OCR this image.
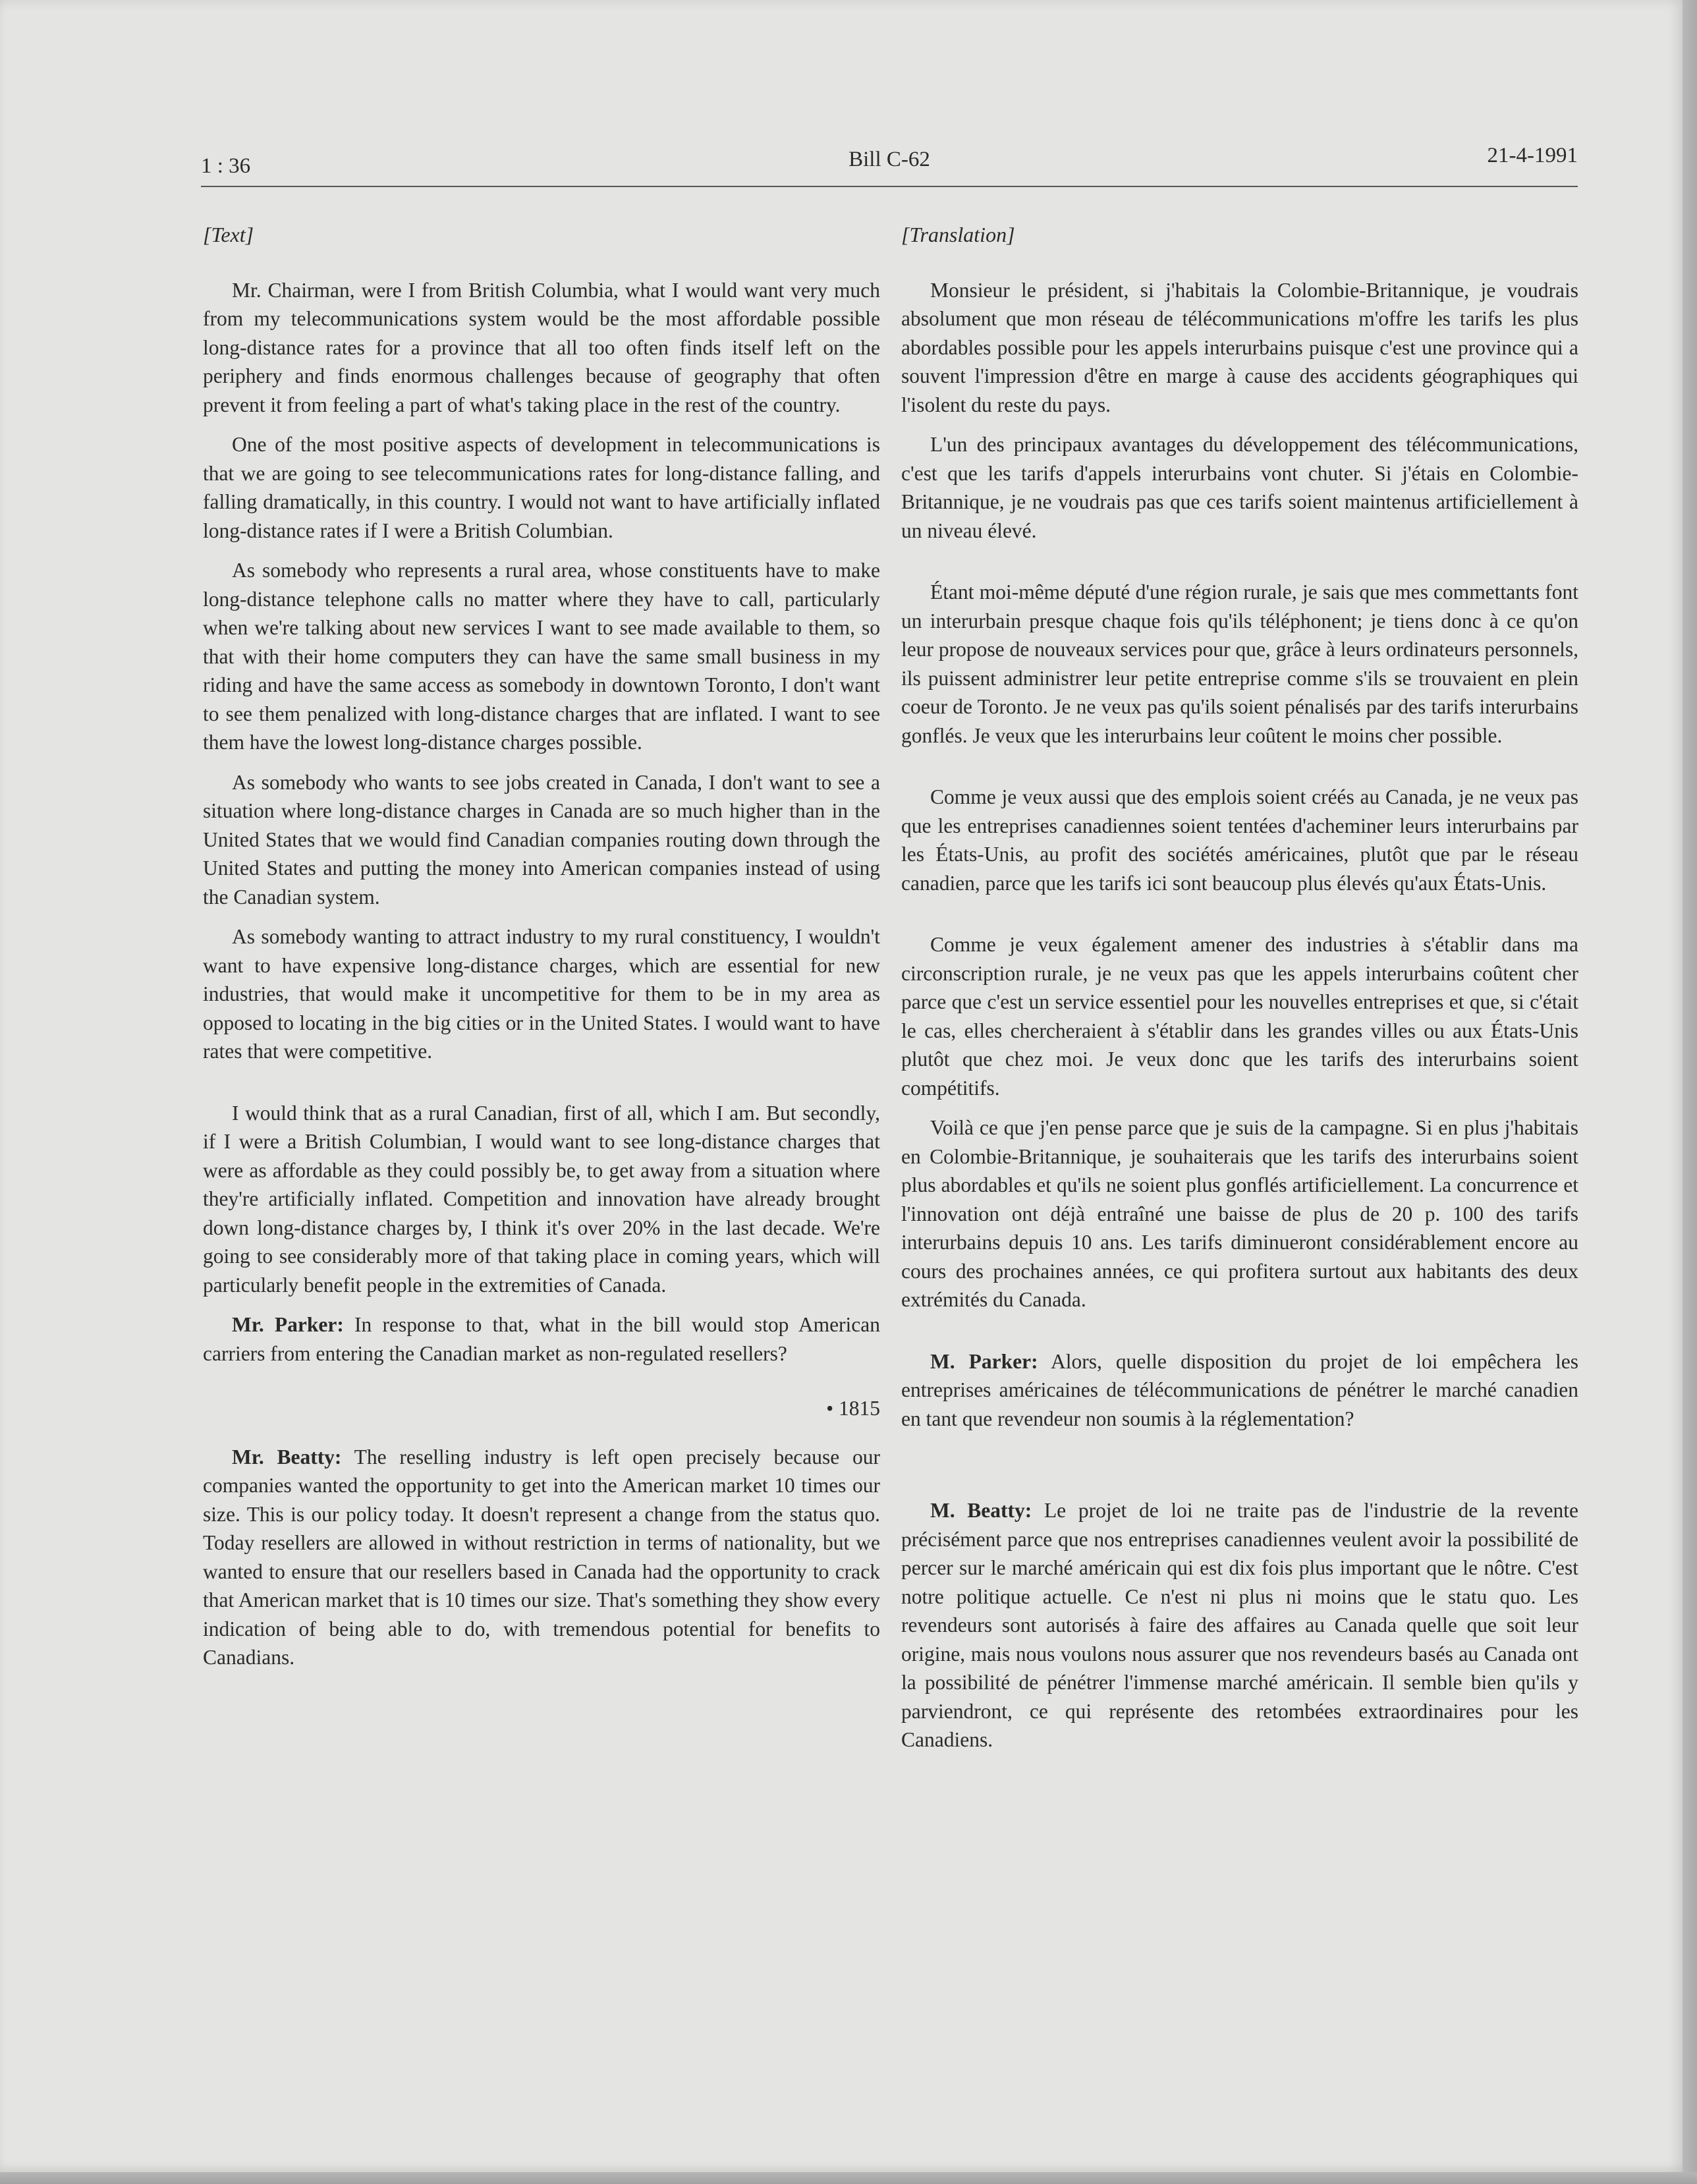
1 : 36	Bill C-62	21-4-1991
[Text]

Mr. Chairman, were I from British Columbia, what I would want very much from my telecommunications system would be the most affordable possible long-distance rates for a province that all too often finds itself left on the periphery and finds enormous challenges because of geography that often prevent it from feeling a part of what's taking place in the rest of the country.

One of the most positive aspects of development in telecommunications is that we are going to see telecommunications rates for long-distance falling, and falling dramatically, in this country. I would not want to have artificially inflated long-distance rates if I were a British Columbian.

As somebody who represents a rural area, whose constituents have to make long-distance telephone calls no matter where they have to call, particularly when we're talking about new services I want to see made available to them, so that with their home computers they can have the same small business in my riding and have the same access as somebody in downtown Toronto, I don't want to see them penalized with long-distance charges that are inflated. I want to see them have the lowest long-distance charges possible.

As somebody who wants to see jobs created in Canada, I don't want to see a situation where long-distance charges in Canada are so much higher than in the United States that we would find Canadian companies routing down through the United States and putting the money into American companies instead of using the Canadian system.

As somebody wanting to attract industry to my rural constituency, I wouldn't want to have expensive long-distance charges, which are essential for new industries, that would make it uncompetitive for them to be in my area as opposed to locating in the big cities or in the United States. I would want to have rates that were competitive.

I would think that as a rural Canadian, first of all, which I am. But secondly, if I were a British Columbian, I would want to see long-distance charges that were as affordable as they could possibly be, to get away from a situation where they're artificially inflated. Competition and innovation have already brought down long-distance charges by, I think it's over 20% in the last decade. We're going to see considerably more of that taking place in coming years, which will particularly benefit people in the extremities of Canada.

Mr. Parker: In response to that, what in the bill would stop American carriers from entering the Canadian market as non-regulated resellers?

• 1815

Mr. Beatty: The reselling industry is left open precisely because our companies wanted the opportunity to get into the American market 10 times our size. This is our policy today. It doesn't represent a change from the status quo. Today resellers are allowed in without restriction in terms of nationality, but we wanted to ensure that our resellers based in Canada had the opportunity to crack that American market that is 10 times our size. That's something they show every indication of being able to do, with tremendous potential for benefits to Canadians.

[Translation]

Monsieur le président, si j'habitais la Colombie-Britannique, je voudrais absolument que mon réseau de télécommunications m'offre les tarifs les plus abordables possible pour les appels interurbains puisque c'est une province qui a souvent l'impression d'être en marge à cause des accidents géographiques qui l'isolent du reste du pays.

L'un des principaux avantages du développement des télécommunications, c'est que les tarifs d'appels interurbains vont chuter. Si j'étais en Colombie-Britannique, je ne voudrais pas que ces tarifs soient maintenus artificiellement à un niveau élevé.

Étant moi-même député d'une région rurale, je sais que mes commettants font un interurbain presque chaque fois qu'ils téléphonent; je tiens donc à ce qu'on leur propose de nouveaux services pour que, grâce à leurs ordinateurs personnels, ils puissent administrer leur petite entreprise comme s'ils se trouvaient en plein coeur de Toronto. Je ne veux pas qu'ils soient pénalisés par des tarifs interurbains gonflés. Je veux que les interurbains leur coûtent le moins cher possible.

Comme je veux aussi que des emplois soient créés au Canada, je ne veux pas que les entreprises canadiennes soient tentées d'acheminer leurs interurbains par les États-Unis, au profit des sociétés américaines, plutôt que par le réseau canadien, parce que les tarifs ici sont beaucoup plus élevés qu'aux États-Unis.

Comme je veux également amener des industries à s'établir dans ma circonscription rurale, je ne veux pas que les appels interurbains coûtent cher parce que c'est un service essentiel pour les nouvelles entreprises et que, si c'était le cas, elles chercheraient à s'établir dans les grandes villes ou aux États-Unis plutôt que chez moi. Je veux donc que les tarifs des interurbains soient compétitifs.

Voilà ce que j'en pense parce que je suis de la campagne. Si en plus j'habitais en Colombie-Britannique, je souhaiterais que les tarifs des interurbains soient plus abordables et qu'ils ne soient plus gonflés artificiellement. La concurrence et l'innovation ont déjà entraîné une baisse de plus de 20 p. 100 des tarifs interurbains depuis 10 ans. Les tarifs diminueront considérablement encore au cours des prochaines années, ce qui profitera surtout aux habitants des deux extrémités du Canada.

M. Parker: Alors, quelle disposition du projet de loi empêchera les entreprises américaines de télécommunications de pénétrer le marché canadien en tant que revendeur non soumis à la réglementation?

M. Beatty: Le projet de loi ne traite pas de l'industrie de la revente précisément parce que nos entreprises canadiennes veulent avoir la possibilité de percer sur le marché américain qui est dix fois plus important que le nôtre. C'est notre politique actuelle. Ce n'est ni plus ni moins que le statu quo. Les revendeurs sont autorisés à faire des affaires au Canada quelle que soit leur origine, mais nous voulons nous assurer que nos revendeurs basés au Canada ont la possibilité de pénétrer l'immense marché américain. Il semble bien qu'ils y parviendront, ce qui représente des retombées extraordinaires pour les Canadiens.
